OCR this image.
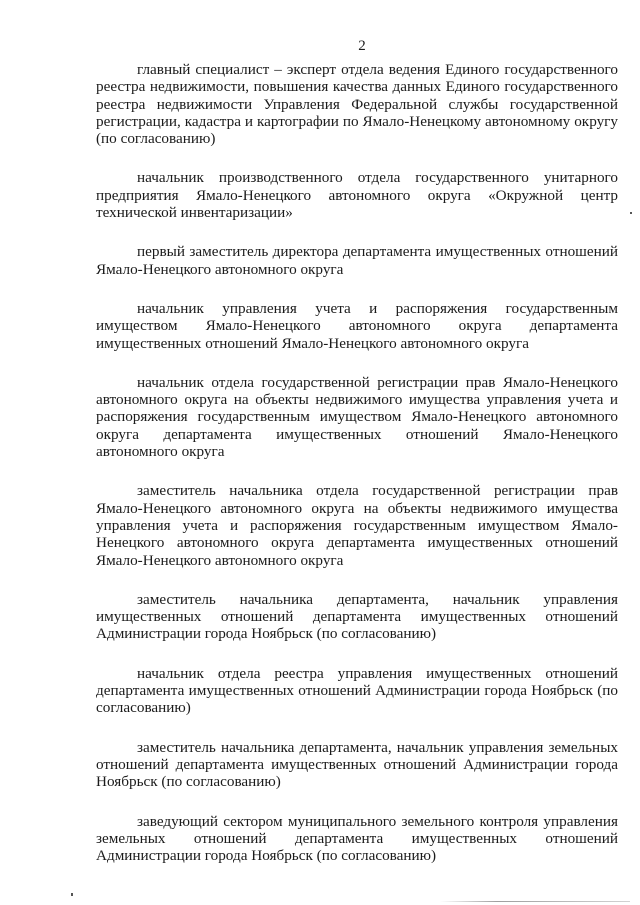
2

главный специалист – эксперт отдела ведения Единого государственного реестра недвижимости, повышения качества данных Единого государственного реестра недвижимости Управления Федеральной службы государственной регистрации, кадастра и картографии по Ямало-Ненецкому автономному округу (по согласованию)

начальник производственного отдела государственного унитарного предприятия Ямало-Ненецкого автономного округа «Окружной центр технической инвентаризации»

первый заместитель директора департамента имущественных отношений Ямало-Ненецкого автономного округа

начальник управления учета и распоряжения государственным имуществом Ямало-Ненецкого автономного округа департамента имущественных отношений Ямало-Ненецкого автономного округа

начальник отдела государственной регистрации прав Ямало-Ненецкого автономного округа на объекты недвижимого имущества управления учета и распоряжения государственным имуществом Ямало-Ненецкого автономного округа департамента имущественных отношений Ямало-Ненецкого автономного округа

заместитель начальника отдела государственной регистрации прав Ямало-Ненецкого автономного округа на объекты недвижимого имущества управления учета и распоряжения государственным имуществом Ямало-Ненецкого автономного округа департамента имущественных отношений Ямало-Ненецкого автономного округа

заместитель начальника департамента, начальник управления имущественных отношений департамента имущественных отношений Администрации города Ноябрьск (по согласованию)

начальник отдела реестра управления имущественных отношений департамента имущественных отношений Администрации города Ноябрьск (по согласованию)

заместитель начальника департамента, начальник управления земельных отношений департамента имущественных отношений Администрации города Ноябрьск (по согласованию)

заведующий сектором муниципального земельного контроля управления земельных отношений департамента имущественных отношений Администрации города Ноябрьск (по согласованию)
